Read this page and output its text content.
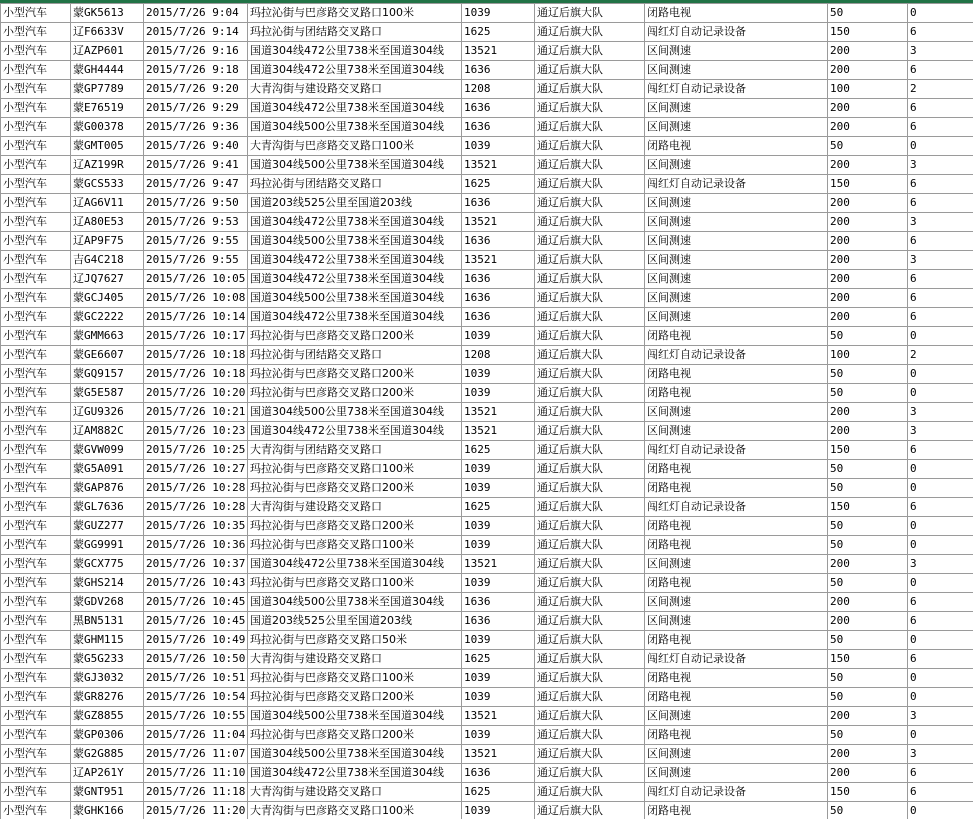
小型汽车	蒙GK5613	2015/7/26 9:04	玛拉沁街与巴彦路交叉路口100米	1039	通辽后旗大队	闭路电视	50	0
小型汽车	辽F6633V	2015/7/26 9:14	玛拉沁街与团结路交叉路口	1625	通辽后旗大队	闯红灯自动记录设备	150	6
小型汽车	辽AZP601	2015/7/26 9:16	国道304线472公里738米至国道304线	13521	通辽后旗大队	区间测速	200	3
小型汽车	蒙GH4444	2015/7/26 9:18	国道304线472公里738米至国道304线	1636	通辽后旗大队	区间测速	200	6
小型汽车	蒙GP7789	2015/7/26 9:20	大青沟街与建设路交叉路口	1208	通辽后旗大队	闯红灯自动记录设备	100	2
小型汽车	蒙E76519	2015/7/26 9:29	国道304线472公里738米至国道304线	1636	通辽后旗大队	区间测速	200	6
小型汽车	蒙G00378	2015/7/26 9:36	国道304线500公里738米至国道304线	1636	通辽后旗大队	区间测速	200	6
小型汽车	蒙GMT005	2015/7/26 9:40	大青沟街与巴彦路交叉路口100米	1039	通辽后旗大队	闭路电视	50	0
小型汽车	辽AZ199R	2015/7/26 9:41	国道304线500公里738米至国道304线	13521	通辽后旗大队	区间测速	200	3
小型汽车	蒙GCS533	2015/7/26 9:47	玛拉沁街与团结路交叉路口	1625	通辽后旗大队	闯红灯自动记录设备	150	6
小型汽车	辽AG6V11	2015/7/26 9:50	国道203线525公里至国道203线	1636	通辽后旗大队	区间测速	200	6
小型汽车	辽A80E53	2015/7/26 9:53	国道304线472公里738米至国道304线	13521	通辽后旗大队	区间测速	200	3
小型汽车	辽AP9F75	2015/7/26 9:55	国道304线500公里738米至国道304线	1636	通辽后旗大队	区间测速	200	6
小型汽车	吉G4C218	2015/7/26 9:55	国道304线472公里738米至国道304线	13521	通辽后旗大队	区间测速	200	3
小型汽车	辽JQ7627	2015/7/26 10:05	国道304线472公里738米至国道304线	1636	通辽后旗大队	区间测速	200	6
小型汽车	蒙GCJ405	2015/7/26 10:08	国道304线500公里738米至国道304线	1636	通辽后旗大队	区间测速	200	6
小型汽车	蒙GC2222	2015/7/26 10:14	国道304线472公里738米至国道304线	1636	通辽后旗大队	区间测速	200	6
小型汽车	蒙GMM663	2015/7/26 10:17	玛拉沁街与巴彦路交叉路口200米	1039	通辽后旗大队	闭路电视	50	0
小型汽车	蒙GE6607	2015/7/26 10:18	玛拉沁街与团结路交叉路口	1208	通辽后旗大队	闯红灯自动记录设备	100	2
小型汽车	蒙GQ9157	2015/7/26 10:18	玛拉沁街与巴彦路交叉路口200米	1039	通辽后旗大队	闭路电视	50	0
小型汽车	蒙G5E587	2015/7/26 10:20	玛拉沁街与巴彦路交叉路口200米	1039	通辽后旗大队	闭路电视	50	0
小型汽车	辽GU9326	2015/7/26 10:21	国道304线500公里738米至国道304线	13521	通辽后旗大队	区间测速	200	3
小型汽车	辽AM882C	2015/7/26 10:23	国道304线472公里738米至国道304线	13521	通辽后旗大队	区间测速	200	3
小型汽车	蒙GVW099	2015/7/26 10:25	大青沟街与团结路交叉路口	1625	通辽后旗大队	闯红灯自动记录设备	150	6
小型汽车	蒙G5A091	2015/7/26 10:27	玛拉沁街与巴彦路交叉路口100米	1039	通辽后旗大队	闭路电视	50	0
小型汽车	蒙GAP876	2015/7/26 10:28	玛拉沁街与巴彦路交叉路口200米	1039	通辽后旗大队	闭路电视	50	0
小型汽车	蒙GL7636	2015/7/26 10:28	大青沟街与建设路交叉路口	1625	通辽后旗大队	闯红灯自动记录设备	150	6
小型汽车	蒙GUZ277	2015/7/26 10:35	玛拉沁街与巴彦路交叉路口200米	1039	通辽后旗大队	闭路电视	50	0
小型汽车	蒙GG9991	2015/7/26 10:36	玛拉沁街与巴彦路交叉路口100米	1039	通辽后旗大队	闭路电视	50	0
小型汽车	蒙GCX775	2015/7/26 10:37	国道304线472公里738米至国道304线	13521	通辽后旗大队	区间测速	200	3
小型汽车	蒙GHS214	2015/7/26 10:43	玛拉沁街与巴彦路交叉路口100米	1039	通辽后旗大队	闭路电视	50	0
小型汽车	蒙GDV268	2015/7/26 10:45	国道304线500公里738米至国道304线	1636	通辽后旗大队	区间测速	200	6
小型汽车	黑BN5131	2015/7/26 10:45	国道203线525公里至国道203线	1636	通辽后旗大队	区间测速	200	6
小型汽车	蒙GHM115	2015/7/26 10:49	玛拉沁街与巴彦路交叉路口50米	1039	通辽后旗大队	闭路电视	50	0
小型汽车	蒙G5G233	2015/7/26 10:50	大青沟街与建设路交叉路口	1625	通辽后旗大队	闯红灯自动记录设备	150	6
小型汽车	蒙GJ3032	2015/7/26 10:51	玛拉沁街与巴彦路交叉路口100米	1039	通辽后旗大队	闭路电视	50	0
小型汽车	蒙GR8276	2015/7/26 10:54	玛拉沁街与巴彦路交叉路口200米	1039	通辽后旗大队	闭路电视	50	0
小型汽车	蒙GZ8855	2015/7/26 10:55	国道304线500公里738米至国道304线	13521	通辽后旗大队	区间测速	200	3
小型汽车	蒙GP0306	2015/7/26 11:04	玛拉沁街与巴彦路交叉路口200米	1039	通辽后旗大队	闭路电视	50	0
小型汽车	蒙G2G885	2015/7/26 11:07	国道304线500公里738米至国道304线	13521	通辽后旗大队	区间测速	200	3
小型汽车	辽AP261Y	2015/7/26 11:10	国道304线472公里738米至国道304线	1636	通辽后旗大队	区间测速	200	6
小型汽车	蒙GNT951	2015/7/26 11:18	大青沟街与建设路交叉路口	1625	通辽后旗大队	闯红灯自动记录设备	150	6
小型汽车	蒙GHK166	2015/7/26 11:20	大青沟街与巴彦路交叉路口100米	1039	通辽后旗大队	闭路电视	50	0
